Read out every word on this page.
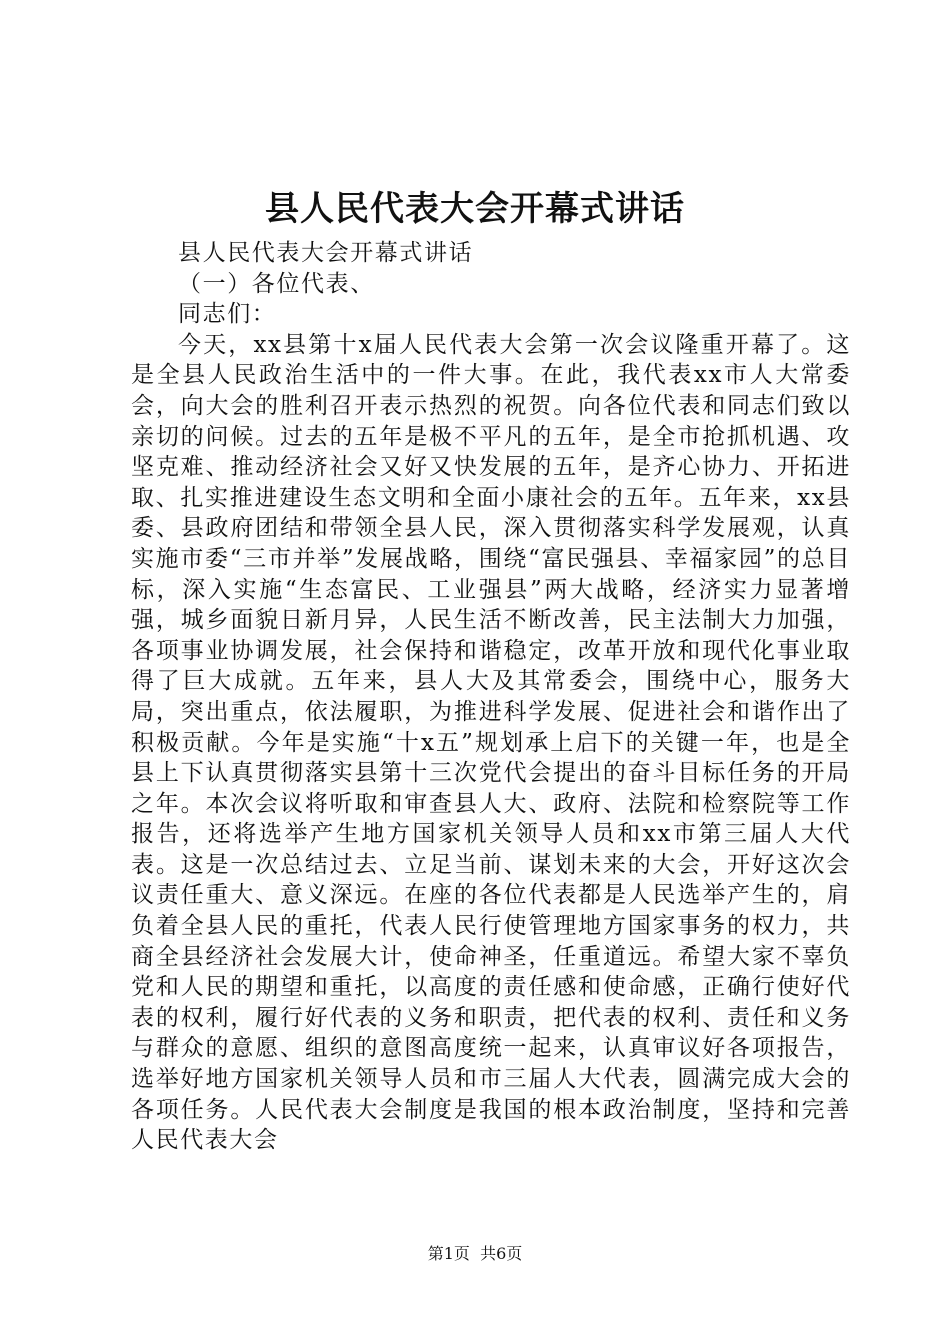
县人民代表大会开幕式讲话

县人民代表大会开幕式讲话

（一）各位代表、

同志们：

今天，xx县第十x届人民代表大会第一次会议隆重开幕了。这是全县人民政治生活中的一件大事。在此，我代表xx市人大常委会，向大会的胜利召开表示热烈的祝贺。向各位代表和同志们致以亲切的问候。过去的五年是极不平凡的五年，是全市抢抓机遇、攻坚克难、推动经济社会又好又快发展的五年，是齐心协力、开拓进取、扎实推进建设生态文明和全面小康社会的五年。五年来，xx县委、县政府团结和带领全县人民，深入贯彻落实科学发展观，认真实施市委“三市并举”发展战略，围绕“富民强县、幸福家园”的总目标，深入实施“生态富民、工业强县”两大战略，经济实力显著增强，城乡面貌日新月异，人民生活不断改善，民主法制大力加强，各项事业协调发展，社会保持和谐稳定，改革开放和现代化事业取得了巨大成就。五年来，县人大及其常委会，围绕中心，服务大局，突出重点，依法履职，为推进科学发展、促进社会和谐作出了积极贡献。今年是实施“十x五”规划承上启下的关键一年，也是全县上下认真贯彻落实县第十三次党代会提出的奋斗目标任务的开局之年。本次会议将听取和审查县人大、政府、法院和检察院等工作报告，还将选举产生地方国家机关领导人员和xx市第三届人大代表。这是一次总结过去、立足当前、谋划未来的大会，开好这次会议责任重大、意义深远。在座的各位代表都是人民选举产生的，肩负着全县人民的重托，代表人民行使管理地方国家事务的权力，共商全县经济社会发展大计，使命神圣，任重道远。希望大家不辜负党和人民的期望和重托，以高度的责任感和使命感，正确行使好代表的权利，履行好代表的义务和职责，把代表的权利、责任和义务与群众的意愿、组织的意图高度统一起来，认真审议好各项报告，选举好地方国家机关领导人员和市三届人大代表，圆满完成大会的各项任务。人民代表大会制度是我国的根本政治制度，坚持和完善人民代表大会

第1页 共6页
